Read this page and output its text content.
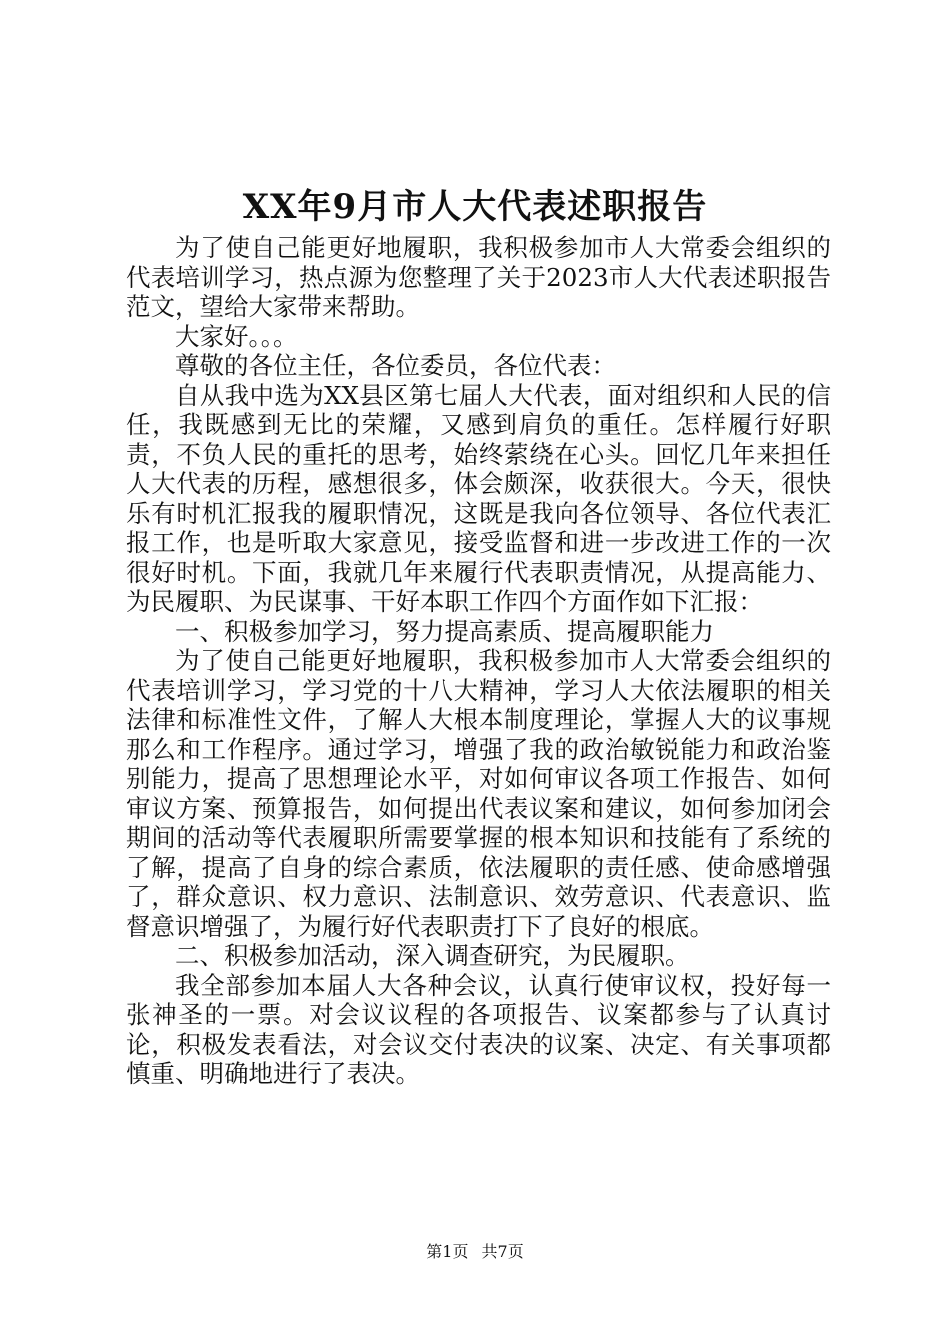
XX年9月市人大代表述职报告

为了使自己能更好地履职，我积极参加市人大常委会组织的代表培训学习，热点源为您整理了关于2023市人大代表述职报告范文，望给大家带来帮助。

大家好。。。

尊敬的各位主任，各位委员，各位代表：

自从我中选为XX县区第七届人大代表，面对组织和人民的信任，我既感到无比的荣耀，又感到肩负的重任。怎样履行好职责，不负人民的重托的思考，始终萦绕在心头。回忆几年来担任人大代表的历程，感想很多，体会颇深，收获很大。今天，很快乐有时机汇报我的履职情况，这既是我向各位领导、各位代表汇报工作，也是听取大家意见，接受监督和进一步改进工作的一次很好时机。下面，我就几年来履行代表职责情况，从提高能力、为民履职、为民谋事、干好本职工作四个方面作如下汇报：

一、积极参加学习，努力提高素质、提高履职能力

为了使自己能更好地履职，我积极参加市人大常委会组织的代表培训学习，学习党的十八大精神，学习人大依法履职的相关法律和标准性文件，了解人大根本制度理论，掌握人大的议事规那么和工作程序。通过学习，增强了我的政治敏锐能力和政治鉴别能力，提高了思想理论水平，对如何审议各项工作报告、如何审议方案、预算报告，如何提出代表议案和建议，如何参加闭会期间的活动等代表履职所需要掌握的根本知识和技能有了系统的了解，提高了自身的综合素质，依法履职的责任感、使命感增强了，群众意识、权力意识、法制意识、效劳意识、代表意识、监督意识增强了，为履行好代表职责打下了良好的根底。

二、积极参加活动，深入调查研究，为民履职。

我全部参加本届人大各种会议，认真行使审议权，投好每一张神圣的一票。对会议议程的各项报告、议案都参与了认真讨论，积极发表看法，对会议交付表决的议案、决定、有关事项都慎重、明确地进行了表决。

第1页 共7页
